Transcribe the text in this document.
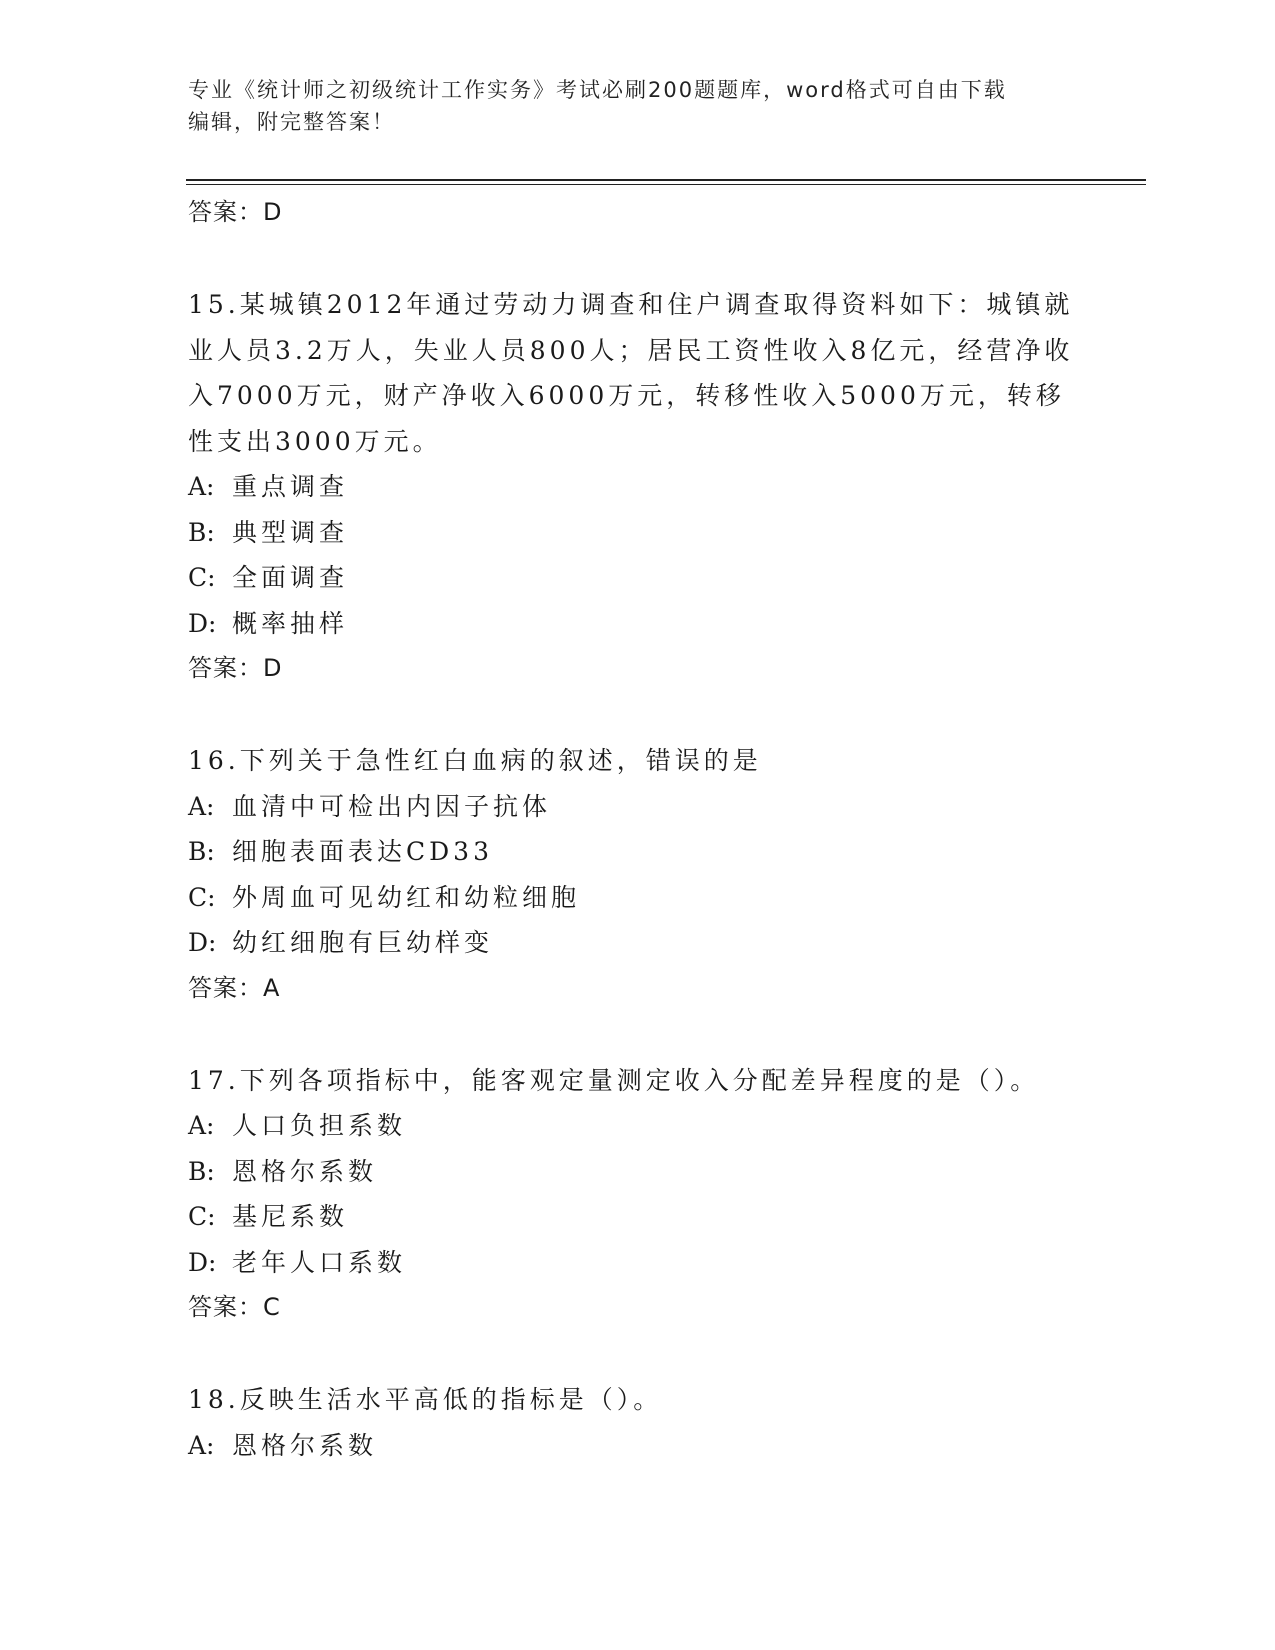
专业《统计师之初级统计工作实务》考试必刷200题题库，word格式可自由下载
编辑，附完整答案！

答案：D

15.某城镇2012年通过劳动力调查和住户调查取得资料如下：城镇就业人员3.2万人，失业人员800人；居民工资性收入8亿元，经营净收入7000万元，财产净收入6000万元，转移性收入5000万元，转移性支出3000万元。

A: 重点调查

B: 典型调查

C: 全面调查

D: 概率抽样

答案：D

16.下列关于急性红白血病的叙述，错误的是

A: 血清中可检出内因子抗体

B: 细胞表面表达CD33

C: 外周血可见幼红和幼粒细胞

D: 幼红细胞有巨幼样变

答案：A

17.下列各项指标中，能客观定量测定收入分配差异程度的是（）。

A: 人口负担系数

B: 恩格尔系数

C: 基尼系数

D: 老年人口系数

答案：C

18.反映生活水平高低的指标是（）。

A: 恩格尔系数
